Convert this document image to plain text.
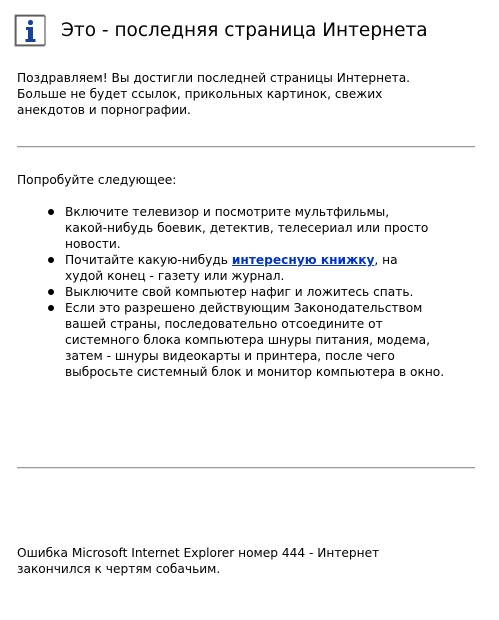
Это - последняя страница Интернета
Поздравляем! Вы достигли последней страницы Интернета.
Больше не будет ссылок, прикольных картинок, свежих
анекдотов и порнографии.
Попробуйте следующее:
Включите телевизор и посмотрите мультфильмы,
какой-нибудь боевик, детектив, телесериал или просто
новости.
Почитайте какую-нибудь интересную книжку, на
худой конец - газету или журнал.
Выключите свой компьютер нафиг и ложитесь спать.
Если это разрешено действующим Законодательством
вашей страны, последовательно отсоедините от
системного блока компьютера шнуры питания, модема,
затем - шнуры видеокарты и принтера, после чего
выбросьте системный блок и монитор компьютера в окно.
Ошибка Microsoft Internet Explorer номер 444 - Интернет
закончился к чертям собачьим.
